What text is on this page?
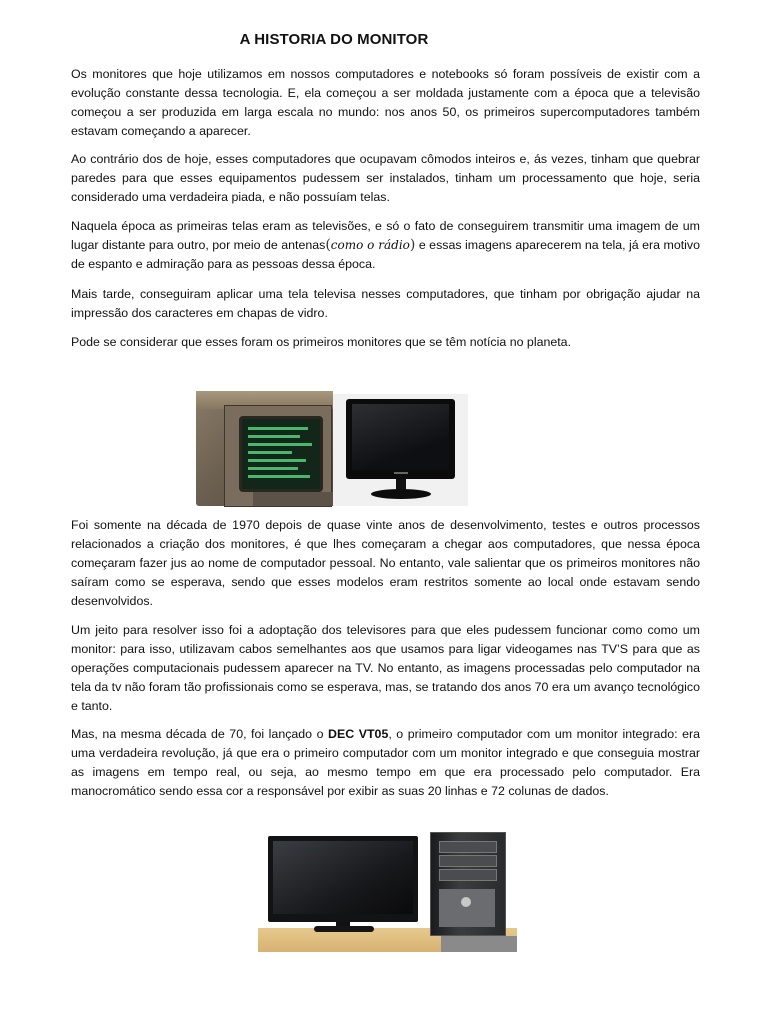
A HISTORIA DO MONITOR

Os monitores que hoje utilizamos em nossos computadores e notebooks só foram possíveis de existir com a evolução constante dessa tecnologia. E, ela começou a ser moldada justamente com a época que a televisão começou a ser produzida em larga escala no mundo: nos anos 50, os primeiros supercomputadores também estavam começando a aparecer.

Ao contrário dos de hoje, esses computadores que ocupavam cômodos inteiros e, ás vezes, tinham que quebrar paredes para que esses equipamentos pudessem ser instalados, tinham um processamento que hoje, seria considerado uma verdadeira piada, e não possuíam telas.

Naquela época as primeiras telas eram as televisões, e só o fato de conseguirem transmitir uma imagem de um lugar distante para outro, por meio de antenas(como o rádio) e essas imagens aparecerem na tela, já era motivo de espanto e admiração para as pessoas dessa época.

Mais tarde, conseguiram aplicar uma tela televisa nesses computadores, que tinham por obrigação ajudar na impressão dos caracteres em chapas de vidro.

Pode se considerar que esses foram os primeiros monitores que se têm notícia no planeta.

Foi somente na década de 1970 depois de quase vinte anos de desenvolvimento, testes e outros processos relacionados a criação dos monitores, é que lhes começaram a chegar aos computadores, que nessa época começaram fazer jus ao nome de computador pessoal. No entanto, vale salientar que os primeiros monitores não saíram como se esperava, sendo que esses modelos eram restritos somente ao local onde estavam sendo desenvolvidos.

Um jeito para resolver isso foi a adoptação dos televisores para que eles pudessem funcionar como como um monitor: para isso, utilizavam cabos semelhantes aos que usamos para ligar videogames nas TV’S para que as operações computacionais pudessem aparecer na TV. No entanto, as imagens processadas pelo computador na tela da tv não foram tão profissionais como se esperava, mas, se tratando dos anos 70 era um avanço tecnológico e tanto.

Mas, na mesma década de 70, foi lançado o DEC VT05, o primeiro computador com um monitor integrado: era uma verdadeira revolução, já que era o primeiro computador com um monitor integrado e que conseguia mostrar as imagens em tempo real, ou seja, ao mesmo tempo em que era processado pelo computador. Era manocromático sendo essa cor a responsável por exibir as suas 20 linhas e 72 colunas de dados.
